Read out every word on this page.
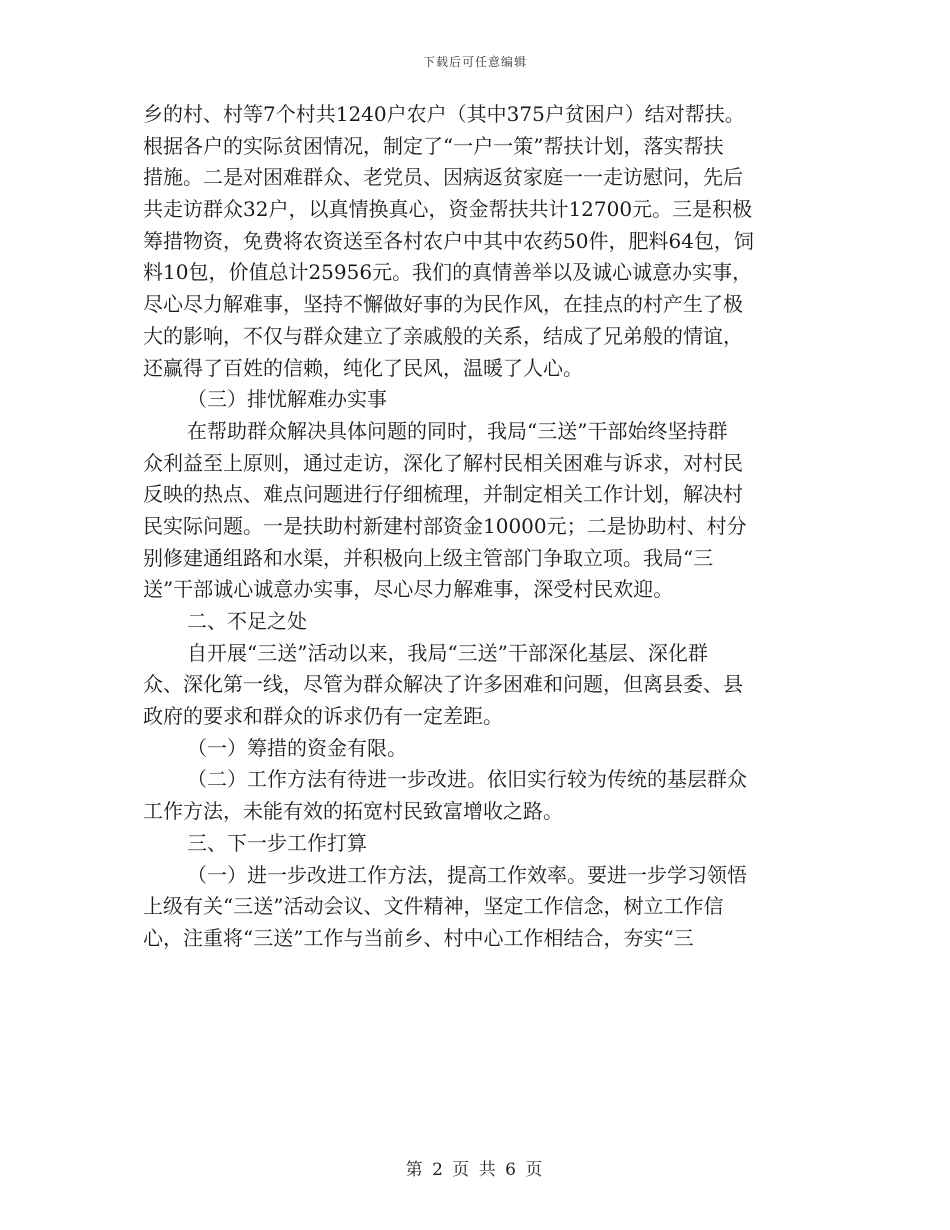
下载后可任意编辑
乡的村、村等7个村共1240户农户（其中375户贫困户）结对帮扶。
根据各户的实际贫困情况，制定了“一户一策”帮扶计划，落实帮扶
措施。二是对困难群众、老党员、因病返贫家庭一一走访慰问，先后
共走访群众32户，以真情换真心，资金帮扶共计12700元。三是积极
筹措物资，免费将农资送至各村农户中其中农药50件，肥料64包，饲
料10包，价值总计25956元。我们的真情善举以及诚心诚意办实事，
尽心尽力解难事，坚持不懈做好事的为民作风，在挂点的村产生了极
大的影响，不仅与群众建立了亲戚般的关系，结成了兄弟般的情谊，
还赢得了百姓的信赖，纯化了民风，温暖了人心。
（三）排忧解难办实事
在帮助群众解决具体问题的同时，我局“三送”干部始终坚持群
众利益至上原则，通过走访，深化了解村民相关困难与诉求，对村民
反映的热点、难点问题进行仔细梳理，并制定相关工作计划，解决村
民实际问题。一是扶助村新建村部资金10000元；二是协助村、村分
别修建通组路和水渠，并积极向上级主管部门争取立项。我局“三
送”干部诚心诚意办实事，尽心尽力解难事，深受村民欢迎。
二、不足之处
自开展“三送”活动以来，我局“三送”干部深化基层、深化群
众、深化第一线，尽管为群众解决了许多困难和问题，但离县委、县
政府的要求和群众的诉求仍有一定差距。
（一）筹措的资金有限。
（二）工作方法有待进一步改进。依旧实行较为传统的基层群众
工作方法，未能有效的拓宽村民致富增收之路。
三、下一步工作打算
（一）进一步改进工作方法，提高工作效率。要进一步学习领悟
上级有关“三送”活动会议、文件精神，坚定工作信念，树立工作信
心，注重将“三送”工作与当前乡、村中心工作相结合，夯实“三
第 2 页 共 6 页
